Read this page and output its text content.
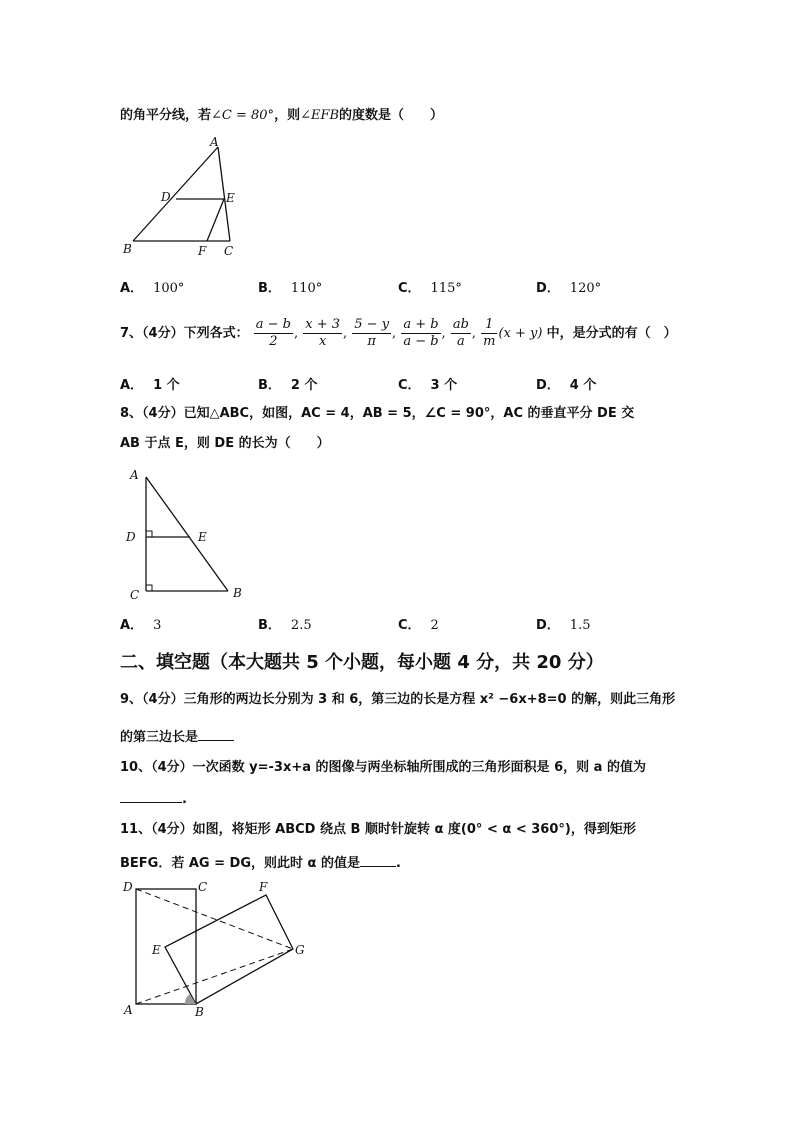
的角平分线，若∠C = 80°，则∠EFB的度数是（　　）
A
D	E
B	F C
A． 100°	B． 110°	C． 115°	D． 120°
7、（4分）下列各式： $\frac{a - b}{2}$ , $\frac{x + 3}{x}$ , $\frac{5 - y}{\pi}$ , $\frac{a + b}{a - b}$ , $\frac{ab}{a}$ , $\frac{1}{m} (x + y)$ 中，是分式的有（　）
A． 1 个	B． 2 个	C． 3 个	D． 4 个
8、（4分）已知△ABC，如图，AC = 4，AB = 5，∠C = 90°，AC 的垂直平分 DE 交
AB 于点 E，则 DE 的长为（　　）
A
D	E
C	B
A． 3	B． 2.5	C． 2	D． 1.5
二、填空题（本大题共 5 个小题，每小题 4 分，共 20 分）
9、（4分）三角形的两边长分别为 3 和 6，第三边的长是方程 x² −6x+8=0 的解，则此三角形
的第三边长是
10、（4分）一次函数 y=-3x+a 的图像与两坐标轴所围成的三角形面积是 6，则 a 的值为
.
11、（4分）如图，将矩形 ABCD 绕点 B 顺时针旋转 α 度(0° < α < 360°)，得到矩形
BEFG．若 AG = DG，则此时 α 的值是	.
D	C	F
E	G
A	B
